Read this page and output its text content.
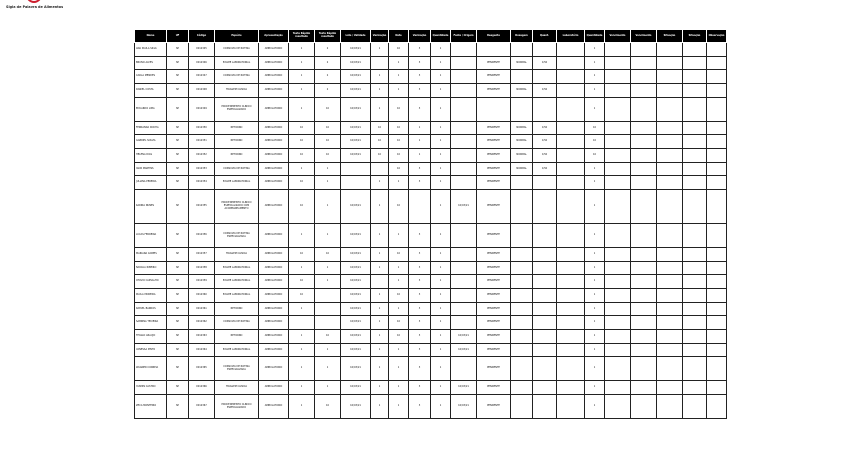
Sigla de Palavra de Alimentos
Nome	UF	Código	Espécie	Apresentação	Teste Rápido resultado	Teste Rápido resultado	Lote / Validade	Vacinação	Data	Vacinação	Quantidade	Fonte / Origem	Reagente	Dosagem	Quant.	Laboratório	Quantidade	Vencimento	Vencimento	Situação	Situação	Observação
ANA PAULA SILVA	SP	0012345	CONSULTA DE ROTINA	AMBULATORIO	1	2	10/03/21	1	10	3	1						1					
BRUNO ALVES	SP	0012346	EXAME LABORATORIAL	AMBULATORIO	1	2	10/03/21		1	3	1		PENDENTE	NORMAL	0,50		1					
CARLA MENDES	SP	0012347	CONSULTA DE ROTINA	AMBULATORIO	1	2	10/03/21	1	1	3	1		PENDENTE				1					
DANIEL COSTA	SP	0012348	TRIAGEM CLINICA	AMBULATORIO	1	2	10/03/21	1	1	3	1		PENDENTE	NORMAL	0,50		1					
EDUARDO LIMA	SP	0012349	PROCEDIMENTO CLINICO ESPECIALIZADO	AMBULATORIO	1	10	10/03/21	1	10	3	1						1					
FERNANDA ROCHA	SP	0012350	RETORNO	AMBULATORIO	10	10	10/03/21	10	10	1	1		PENDENTE	NORMAL	0,50		10					
GABRIEL SOUZA	SP	0012351	RETORNO	AMBULATORIO	10	10	10/03/21	10	10	1	1		PENDENTE	NORMAL	0,50		10					
HELENA DIAS	SP	0012352	RETORNO	AMBULATORIO	10	10	10/03/21	10	10	1	1		PENDENTE	NORMAL	0,50		10					
IGOR MARTINS	SP	0012353	CONSULTA DE ROTINA	AMBULATORIO	1	1			10	3	1		PENDENTE	NORMAL	0,50		1					
JULIANA PEREIRA	SP	0012354	EXAME LABORATORIAL	AMBULATORIO	10	1		1	1	3	1		PENDENTE				1					
KARINA NUNES	SP	0012355	PROCEDIMENTO CLINICO ESPECIALIZADO COM ACOMPANHAMENTO	AMBULATORIO	10	1	10/03/21	1	10		1	10/03/21	PENDENTE				1					
LUCAS FERREIRA	SP	0012356	CONSULTA DE ROTINA ESPECIALIZADA	AMBULATORIO	1	1	10/03/21	1	1	3	1		PENDENTE				1					
MARIANA GOMES	SP	0012357	TRIAGEM CLINICA	AMBULATORIO	10	10	10/03/21	1	10	3	1		PENDENTE				1					
NATALIA RIBEIRO	SP	0012358	EXAME LABORATORIAL	AMBULATORIO	1	1	10/03/21	1	1	3	1		PENDENTE				1					
OTAVIO CARVALHO	SP	0012359	EXAME LABORATORIAL	AMBULATORIO	10	1	10/03/21		1	3	1		PENDENTE				1					
PAULA MOREIRA	SP	0012360	EXAME LABORATORIAL	AMBULATORIO	10		10/03/21	1	10	3	1		PENDENTE				1					
RAFAEL BARROS	SP	0012361	RETORNO	AMBULATORIO	1		10/03/21	1	1	3	1		PENDENTE				1					
SABRINA TEIXEIRA	SP	0012362	CONSULTA DE ROTINA	AMBULATORIO			10/03/21	1	10	3	1		PENDENTE				1					
THIAGO ARAUJO	SP	0012363	RETORNO	AMBULATORIO	1	10	10/03/21	1	10	3	1	10/03/21	PENDENTE				1					
VANESSA PINTO	SP	0012364	EXAME LABORATORIAL	AMBULATORIO	1	1	10/03/21	1	1	3	1	10/03/21	PENDENTE				1					
WAGNER CORREIA	SP	0012365	CONSULTA DE ROTINA ESPECIALIZADA	AMBULATORIO	1	1	10/03/21	1	1	3	1		PENDENTE				1					
YASMIN CASTRO	SP	0012366	TRIAGEM CLINICA	AMBULATORIO	1	1	10/03/21	1	1	3	1	10/03/21	PENDENTE				1					
ZECA MONTEIRO	SP	0012367	PROCEDIMENTO CLINICO ESPECIALIZADO	AMBULATORIO	1	10	10/03/21	1	1	3	1	10/03/21	PENDENTE				1					
